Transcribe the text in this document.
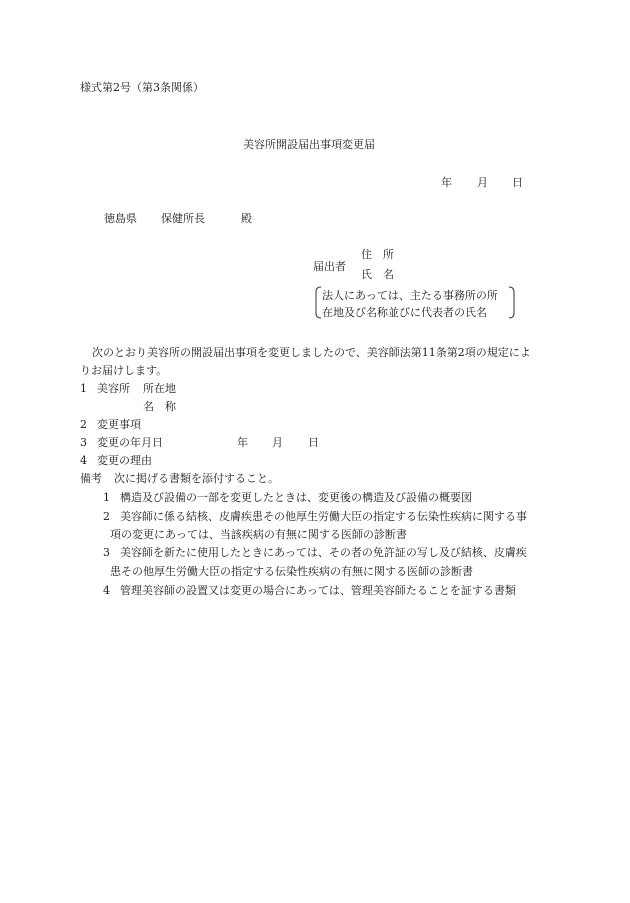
様式第2号（第3条関係）
美容所開設届出事項変更届
年 月 日
徳島県 保健所長	殿
届出者
住　所
氏　名
法人にあっては、主たる事務所の所
在地及び名称並びに代表者の氏名
次のとおり美容所の開設届出事項を変更しましたので、美容師法第11条第2項の規定によ
りお届けします。
1 美容所 所在地
名　称
2 変更事項
3 変更の年月日	年 月 日
4 変更の理由
備考 次に掲げる書類を添付すること。
1 構造及び設備の一部を変更したときは、変更後の構造及び設備の概要図
2 美容師に係る結核、皮膚疾患その他厚生労働大臣の指定する伝染性疾病に関する事
項の変更にあっては、当該疾病の有無に関する医師の診断書
3 美容師を新たに使用したときにあっては、その者の免許証の写し及び結核、皮膚疾
患その他厚生労働大臣の指定する伝染性疾病の有無に関する医師の診断書
4 管理美容師の設置又は変更の場合にあっては、管理美容師たることを証する書類
